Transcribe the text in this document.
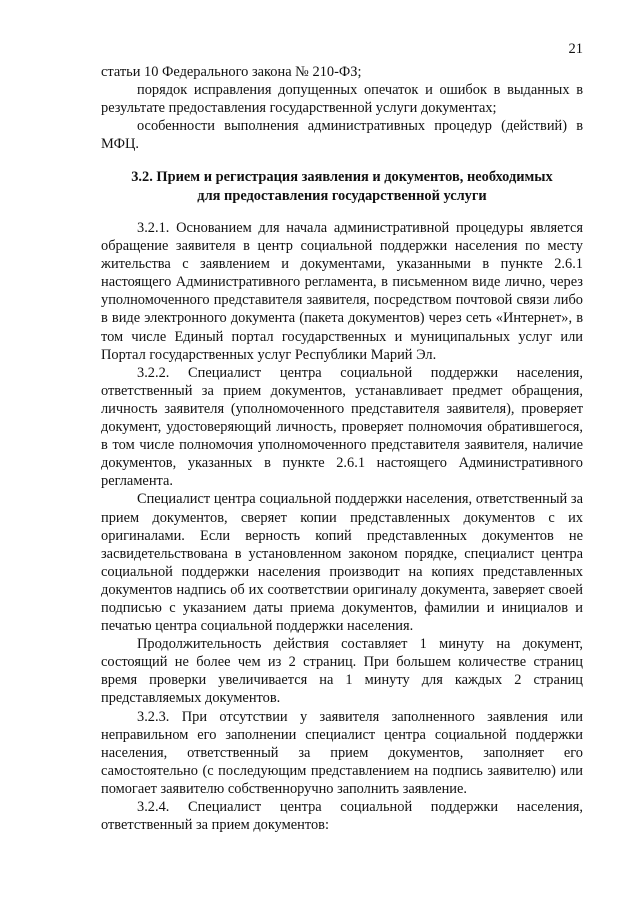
21

статьи 10 Федерального закона № 210-ФЗ;

порядок исправления допущенных опечаток и ошибок в выданных в результате предоставления государственной услуги документах;

особенности выполнения административных процедур (действий) в МФЦ.

3.2. Прием и регистрация заявления и документов, необходимых

для предоставления государственной услуги

3.2.1. Основанием для начала административной процедуры является обращение заявителя в центр социальной поддержки населения по месту жительства с заявлением и документами, указанными в пункте 2.6.1 настоящего Административного регламента, в письменном виде лично, через уполномоченного представителя заявителя, посредством почтовой связи либо в виде электронного документа (пакета документов) через сеть «Интернет», в том числе Единый портал государственных и муниципальных услуг или Портал государственных услуг Республики Марий Эл.

3.2.2. Специалист центра социальной поддержки населения, ответственный за прием документов, устанавливает предмет обращения, личность заявителя (уполномоченного представителя заявителя), проверяет документ, удостоверяющий личность, проверяет полномочия обратившегося, в том числе полномочия уполномоченного представителя заявителя, наличие документов, указанных в пункте 2.6.1 настоящего Административного регламента.

Специалист центра социальной поддержки населения, ответственный за прием документов, сверяет копии представленных документов с их оригиналами. Если верность копий представленных документов не засвидетельствована в установленном законом порядке, специалист центра социальной поддержки населения производит на копиях представленных документов надпись об их соответствии оригиналу документа, заверяет своей подписью с указанием даты приема документов, фамилии и инициалов и печатью центра социальной поддержки населения.

Продолжительность действия составляет 1 минуту на документ, состоящий не более чем из 2 страниц. При большем количестве страниц время проверки увеличивается на 1 минуту для каждых 2 страниц представляемых документов.

3.2.3. При отсутствии у заявителя заполненного заявления или неправильном его заполнении специалист центра социальной поддержки населения, ответственный за прием документов, заполняет его самостоятельно (с последующим представлением на подпись заявителю) или помогает заявителю собственноручно заполнить заявление.

3.2.4. Специалист центра социальной поддержки населения, ответственный за прием документов:
